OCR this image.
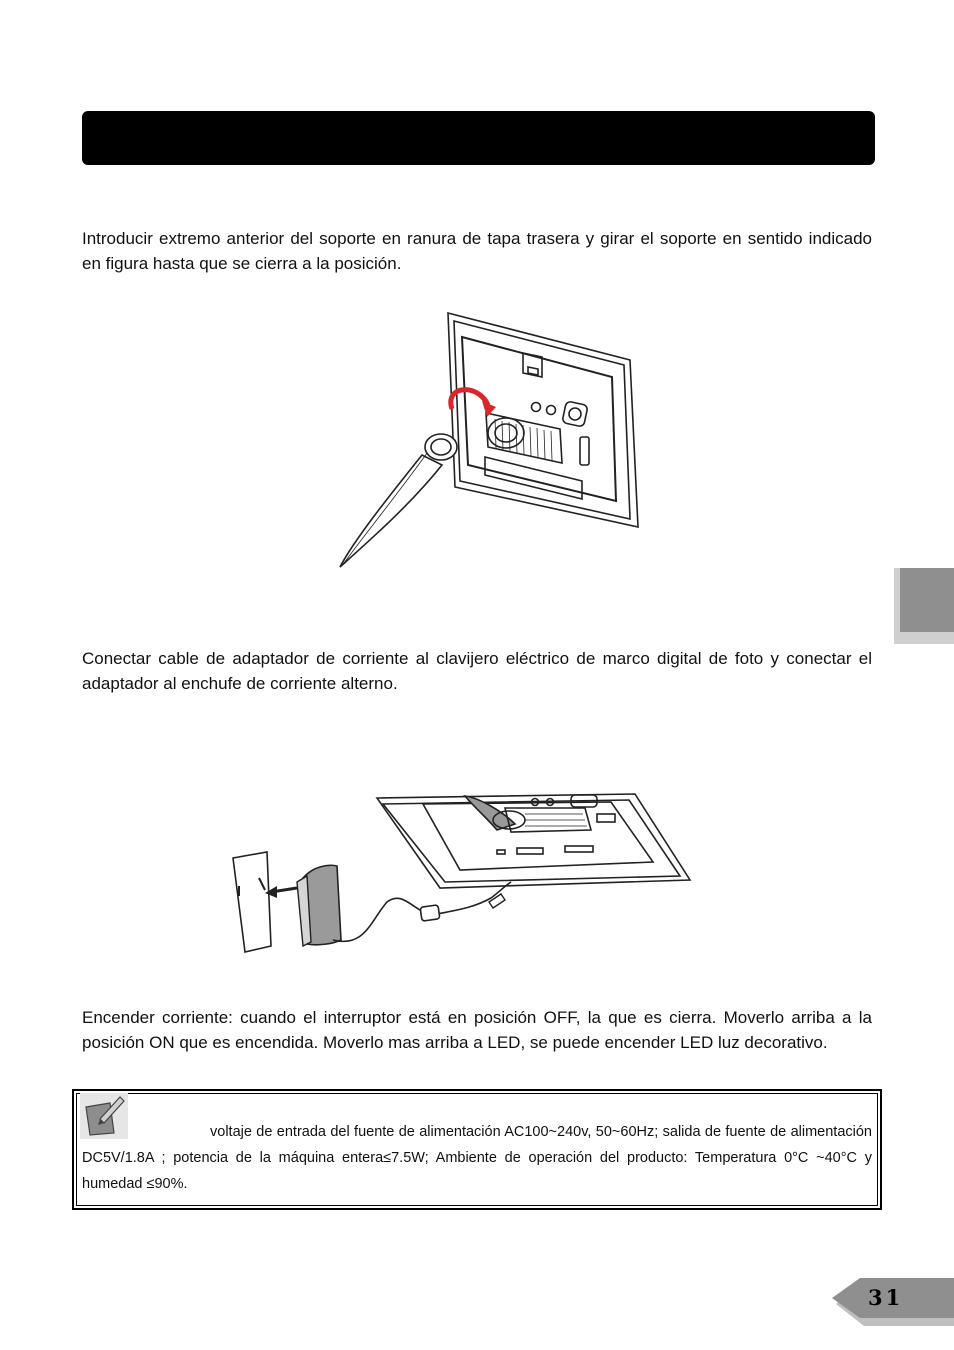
Introducir extremo anterior del soporte en ranura de tapa trasera y girar el soporte en sentido indicado en figura hasta que se cierra a la posición.

Conectar cable de adaptador de corriente al clavijero eléctrico de marco digital de foto y conectar el adaptador al enchufe de corriente alterno.

Encender corriente: cuando el interruptor está en posición OFF, la que es cierra. Moverlo arriba a la posición ON que es encendida. Moverlo mas arriba a LED, se puede encender LED luz decorativo.

voltaje de entrada del fuente de alimentación AC100~240v, 50~60Hz; salida de fuente de alimentación DC5V/1.8A ; potencia de la máquina entera≤7.5W; Ambiente de operación del producto: Temperatura 0°C ~40°C y humedad ≤90%.

31
